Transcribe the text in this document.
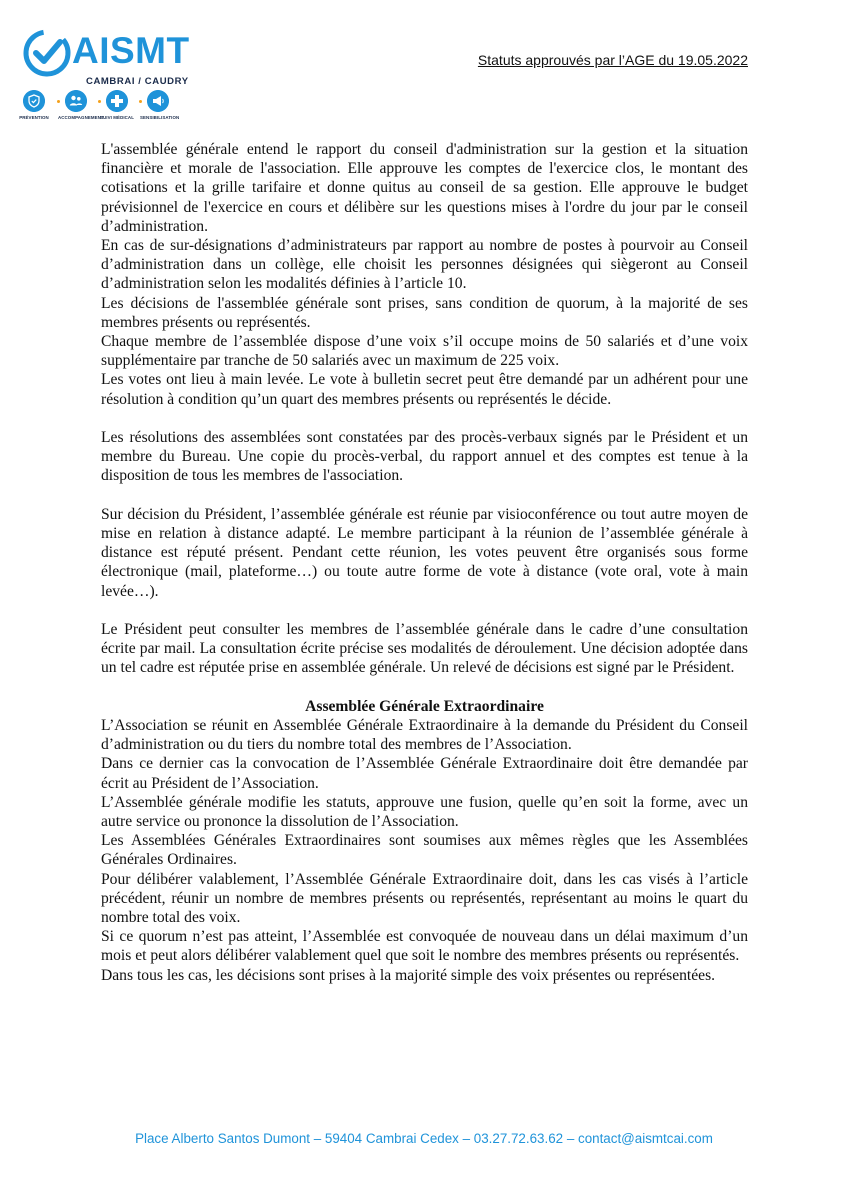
AISMT
CAMBRAI / CAUDRY
PRÉVENTION	ACCOMPAGNEMENT
SUIVI MÉDICAL SENSIBILISATION
Statuts approuvés par l’AGE du 19.05.2022

L'assemblée générale entend le rapport du conseil d'administration sur la gestion et la situation financière et morale de l'association. Elle approuve les comptes de l'exercice clos, le montant des cotisations et la grille tarifaire et donne quitus au conseil de sa gestion. Elle approuve le budget prévisionnel de l'exercice en cours et délibère sur les questions mises à l'ordre du jour par le conseil d’administration.

En cas de sur-désignations d’administrateurs par rapport au nombre de postes à pourvoir au Conseil d’administration dans un collège, elle choisit les personnes désignées qui siègeront au Conseil d’administration selon les modalités définies à l’article 10.

Les décisions de l'assemblée générale sont prises, sans condition de quorum, à la majorité de ses membres présents ou représentés.

Chaque membre de l’assemblée dispose d’une voix s’il occupe moins de 50 salariés et d’une voix supplémentaire par tranche de 50 salariés avec un maximum de 225 voix.

Les votes ont lieu à main levée. Le vote à bulletin secret peut être demandé par un adhérent pour une résolution à condition qu’un quart des membres présents ou représentés le décide.

Les résolutions des assemblées sont constatées par des procès-verbaux signés par le Président et un membre du Bureau. Une copie du procès-verbal, du rapport annuel et des comptes est tenue à la disposition de tous les membres de l'association.

Sur décision du Président, l’assemblée générale est réunie par visioconférence ou tout autre moyen de mise en relation à distance adapté. Le membre participant à la réunion de l’assemblée générale à distance est réputé présent. Pendant cette réunion, les votes peuvent être organisés sous forme électronique (mail, plateforme…) ou toute autre forme de vote à distance (vote oral, vote à main levée…).

Le Président peut consulter les membres de l’assemblée générale dans le cadre d’une consultation écrite par mail. La consultation écrite précise ses modalités de déroulement. Une décision adoptée dans un tel cadre est réputée prise en assemblée générale. Un relevé de décisions est signé par le Président.

Assemblée Générale Extraordinaire

L’Association se réunit en Assemblée Générale Extraordinaire à la demande du Président du Conseil d’administration ou du tiers du nombre total des membres de l’Association.

Dans ce dernier cas la convocation de l’Assemblée Générale Extraordinaire doit être demandée par écrit au Président de l’Association.

L’Assemblée générale modifie les statuts, approuve une fusion, quelle qu’en soit la forme, avec un autre service ou prononce la dissolution de l’Association.

Les Assemblées Générales Extraordinaires sont soumises aux mêmes règles que les Assemblées Générales Ordinaires.

Pour délibérer valablement, l’Assemblée Générale Extraordinaire doit, dans les cas visés à l’article précédent, réunir un nombre de membres présents ou représentés, représentant au moins le quart du nombre total des voix.

Si ce quorum n’est pas atteint, l’Assemblée est convoquée de nouveau dans un délai maximum d’un mois et peut alors délibérer valablement quel que soit le nombre des membres présents ou représentés.

Dans tous les cas, les décisions sont prises à la majorité simple des voix présentes ou représentées.

Place Alberto Santos Dumont – 59404 Cambrai Cedex – 03.27.72.63.62 – contact@aismtcai.com
